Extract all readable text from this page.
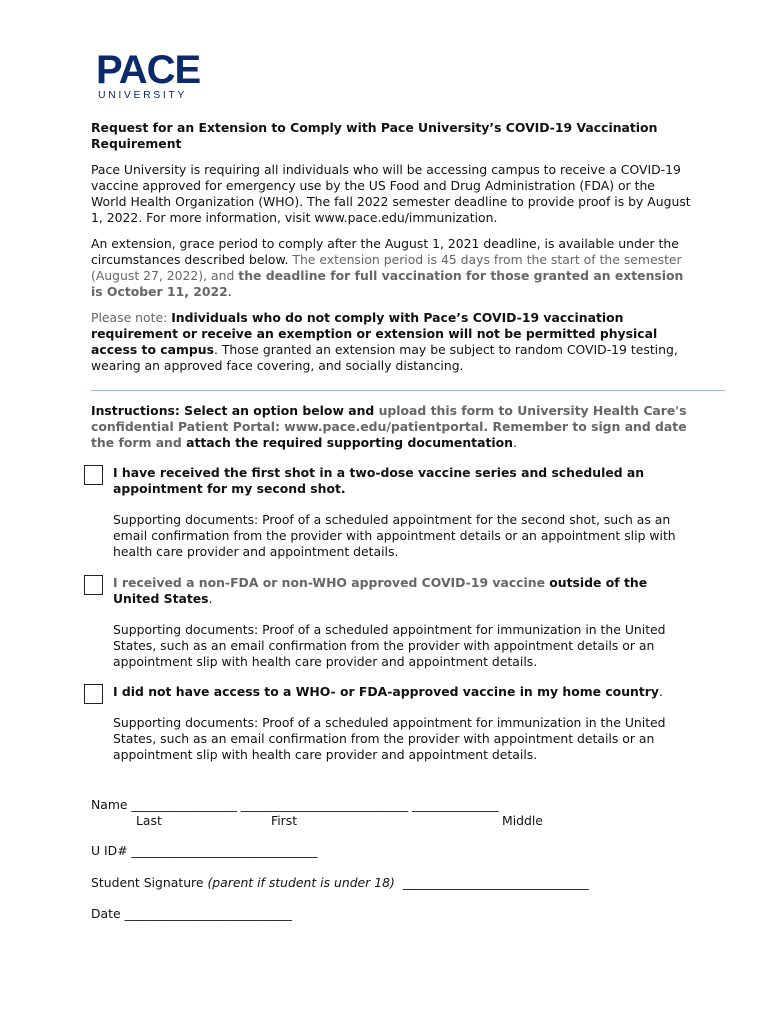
PACE
UNIVERSITY

Request for an Extension to Comply with Pace University’s COVID-19 Vaccination Requirement

Pace University is requiring all individuals who will be accessing campus to receive a COVID-19 vaccine approved for emergency use by the US Food and Drug Administration (FDA) or the World Health Organization (WHO). The fall 2022 semester deadline to provide proof is by August 1, 2022. For more information, visit www.pace.edu/immunization.

An extension, grace period to comply after the August 1, 2021 deadline, is available under the circumstances described below. The extension period is 45 days from the start of the semester (August 27, 2022), and the deadline for full vaccination for those granted an extension is October 11, 2022.

Please note: Individuals who do not comply with Pace’s COVID-19 vaccination requirement or receive an exemption or extension will not be permitted physical access to campus. Those granted an extension may be subject to random COVID-19 testing, wearing an approved face covering, and socially distancing.

Instructions: Select an option below and upload this form to University Health Care's confidential Patient Portal: www.pace.edu/patientportal. Remember to sign and date the form and attach the required supporting documentation.
I have received the first shot in a two-dose vaccine series and scheduled an appointment for my second shot.
Supporting documents: Proof of a scheduled appointment for the second shot, such as an email confirmation from the provider with appointment details or an appointment slip with health care provider and appointment details.
I received a non-FDA or non-WHO approved COVID-19 vaccine outside of the United States.
Supporting documents: Proof of a scheduled appointment for immunization in the United States, such as an email confirmation from the provider with appointment details or an appointment slip with health care provider and appointment details.
I did not have access to a WHO- or FDA-approved vaccine in my home country.
Supporting documents: Proof of a scheduled appointment for immunization in the United States, such as an email confirmation from the provider with appointment details or an appointment slip with health care provider and appointment details.
Name _________________ ___________________________ ______________
Last	First	Middle
U ID# ______________________________
Student Signature (parent if student is under 18)  ______________________________
Date ___________________________
